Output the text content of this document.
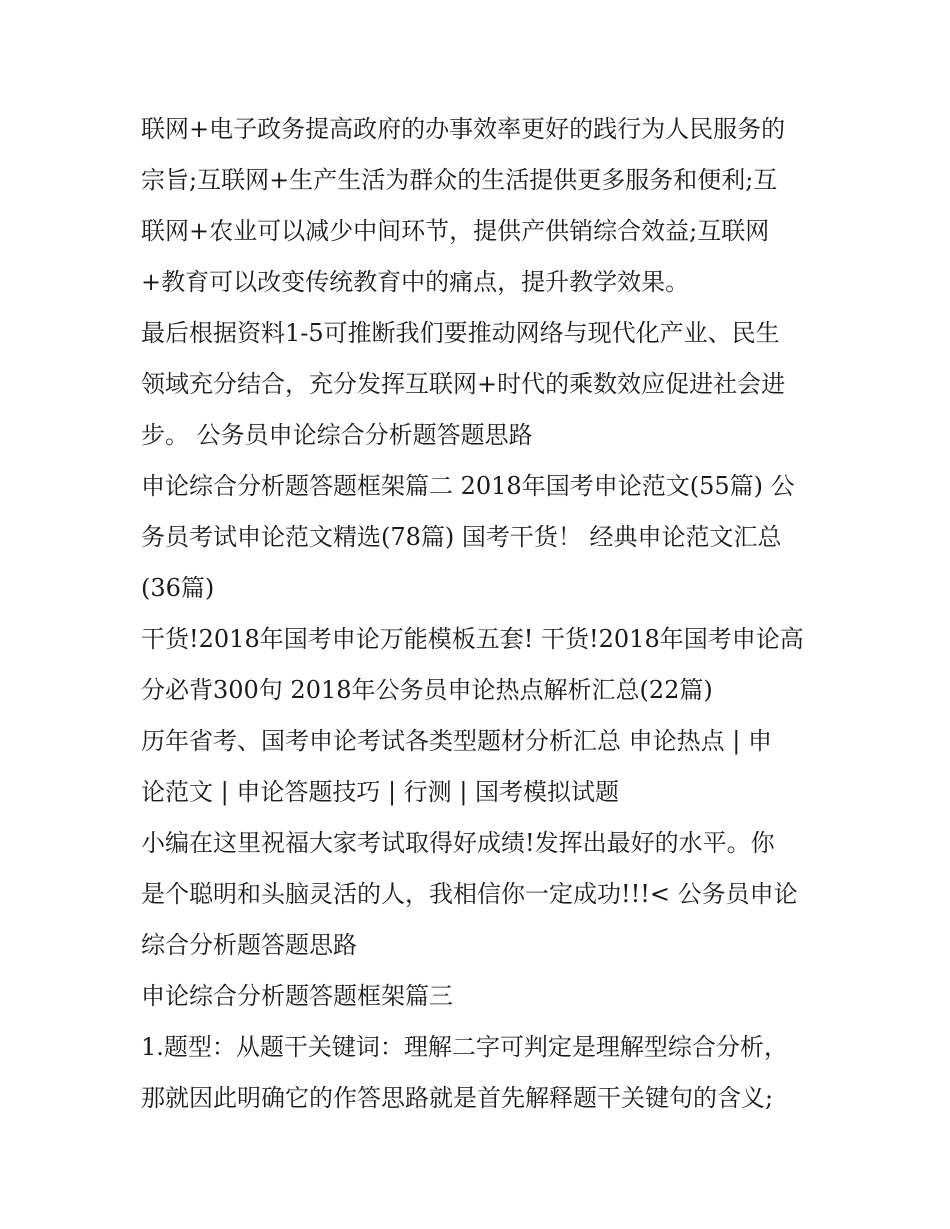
联网+电子政务提高政府的办事效率更好的践行为人民服务的
宗旨;互联网+生产生活为群众的生活提供更多服务和便利;互
联网+农业可以减少中间环节，提供产供销综合效益;互联网
+教育可以改变传统教育中的痛点，提升教学效果。
最后根据资料1-5可推断我们要推动网络与现代化产业、民生
领域充分结合，充分发挥互联网+时代的乘数效应促进社会进
步。 公务员申论综合分析题答题思路
申论综合分析题答题框架篇二 2018年国考申论范文(55篇) 公
务员考试申论范文精选(78篇) 国考干货！ 经典申论范文汇总
(36篇)
干货!2018年国考申论万能模板五套! 干货!2018年国考申论高
分必背300句 2018年公务员申论热点解析汇总(22篇)
历年省考、国考申论考试各类型题材分析汇总 申论热点 | 申
论范文 | 申论答题技巧 | 行测 | 国考模拟试题
小编在这里祝福大家考试取得好成绩!发挥出最好的水平。你
是个聪明和头脑灵活的人，我相信你一定成功!!!< 公务员申论
综合分析题答题思路
申论综合分析题答题框架篇三
1.题型：从题干关键词：理解二字可判定是理解型综合分析，
那就因此明确它的作答思路就是首先解释题干关键句的含义;
